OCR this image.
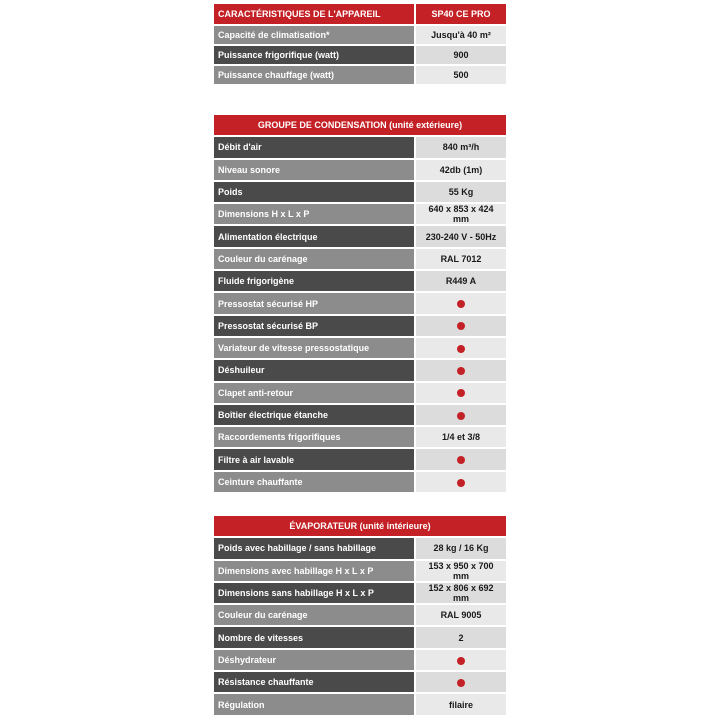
CARACTÉRISTIQUES DE L'APPAREIL	SP40 CE PRO
Capacité de climatisation*	Jusqu'à 40 m²
Puissance frigorifique (watt)	900
Puissance chauffage (watt)	500
GROUPE DE CONDENSATION (unité extérieure)	
Débit d'air	840 m³/h
Niveau sonore	42db (1m)
Poids	55 Kg
Dimensions H x L x P	640 x 853 x 424 mm
Alimentation électrique	230-240 V - 50Hz
Couleur du carénage	RAL 7012
Fluide frigorigène	R449 A
Pressostat sécurisé HP	
Pressostat sécurisé BP	
Variateur de vitesse pressostatique	
Déshuileur	
Clapet anti-retour	
Boîtier électrique étanche	
Raccordements frigorifiques	1/4 et 3/8
Filtre à air lavable	
Ceinture chauffante	
ÉVAPORATEUR (unité intérieure)	
Poids avec habillage / sans habillage	28 kg / 16 Kg
Dimensions avec habillage H x L x P	153 x 950 x 700 mm
Dimensions sans habillage H x L x P	152 x 806 x 692 mm
Couleur du carénage	RAL 9005
Nombre de vitesses	2
Déshydrateur	
Résistance chauffante	
Régulation	filaire
